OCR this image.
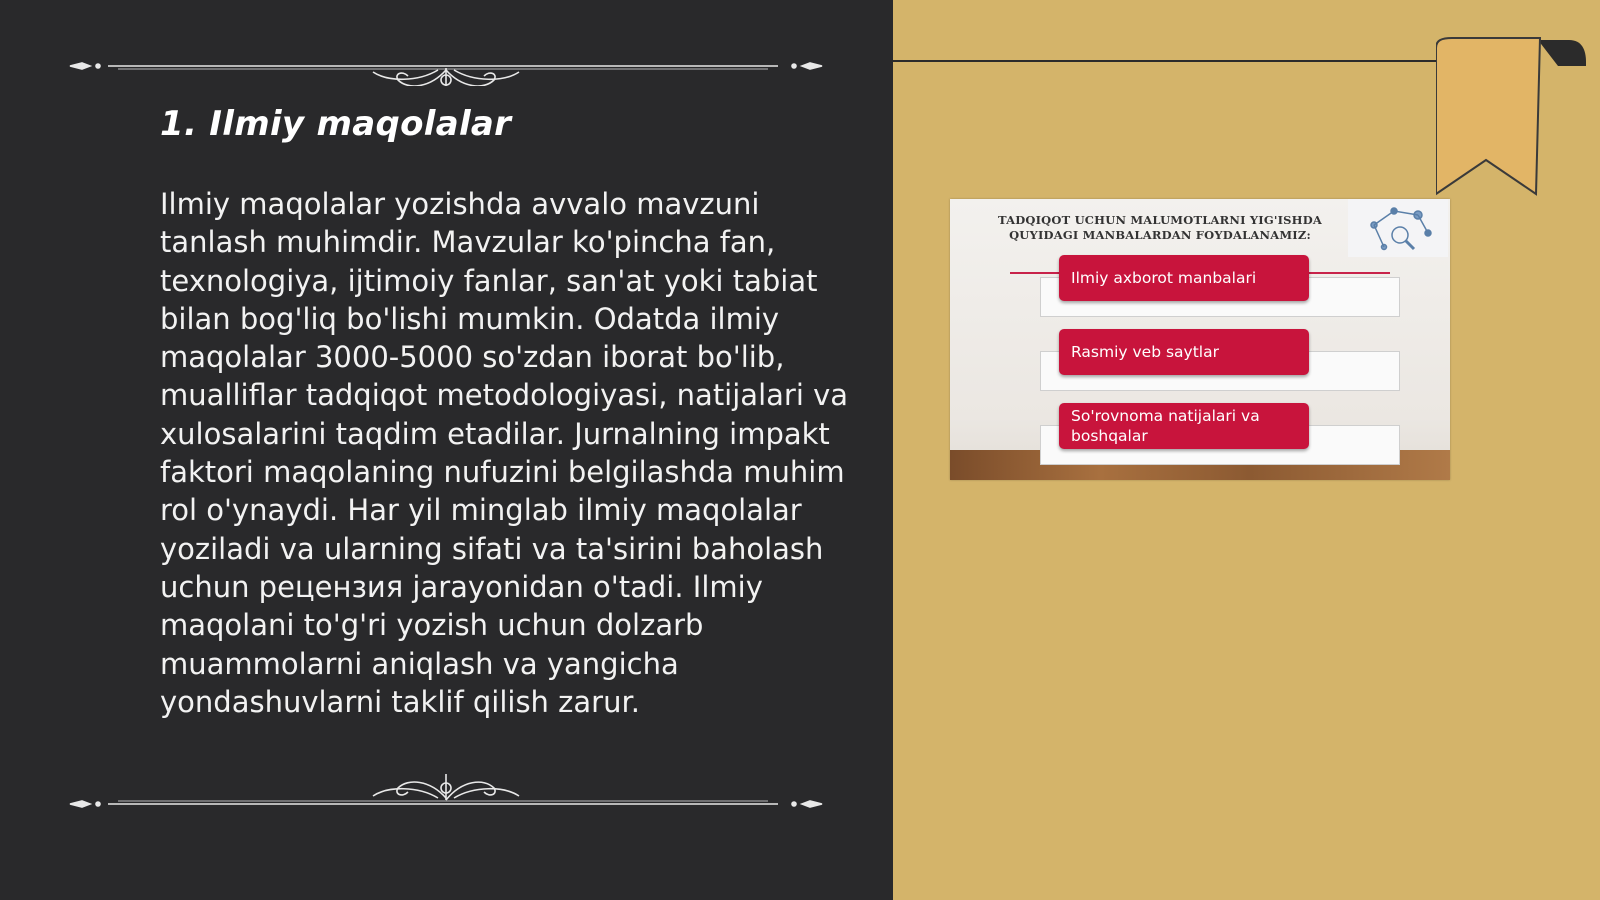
1. Ilmiy maqolalar

Ilmiy maqolalar yozishda avvalo mavzuni tanlash muhimdir. Mavzular ko'pincha fan, texnologiya, ijtimoiy fanlar, san'at yoki tabiat bilan bog'liq bo'lishi mumkin. Odatda ilmiy maqolalar 3000-5000 so'zdan iborat bo'lib, mualliflar tadqiqot metodologiyasi, natijalari va xulosalarini taqdim etadilar. Jurnalning impakt faktori maqolaning nufuzini belgilashda muhim rol o'ynaydi. Har yil minglab ilmiy maqolalar yoziladi va ularning sifati va ta'sirini baholash uchun рецензия jarayonidan o'tadi. Ilmiy maqolani to'g'ri yozish uchun dolzarb muammolarni aniqlash va yangicha yondashuvlarni taklif qilish zarur.

TADQIQOT UCHUN MALUMOTLARNI YIG'ISHDA
QUYIDAGI MANBALARDAN FOYDALANAMIZ:
Ilmiy axborot manbalari
Rasmiy veb saytlar
So'rovnoma natijalari va boshqalar
